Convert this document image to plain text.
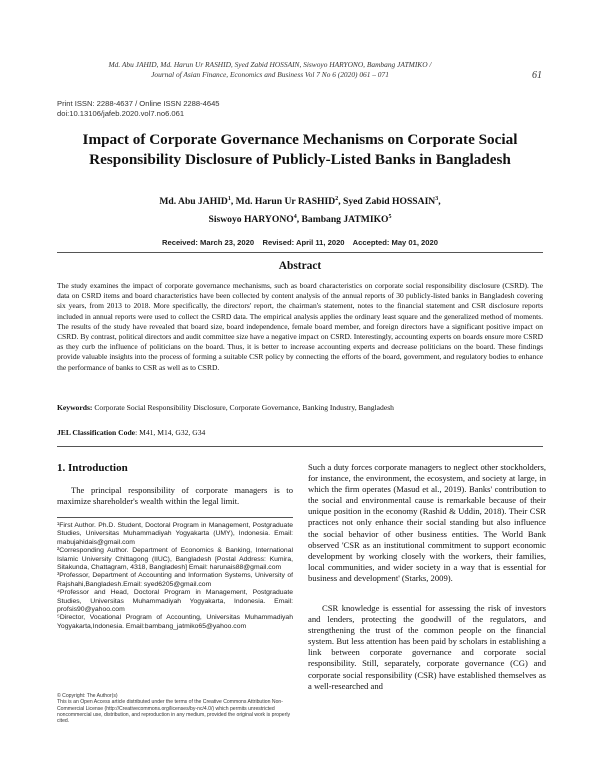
Md. Abu JAHID, Md. Harun Ur RASHID, Syed Zabid HOSSAIN, Siswoyo HARYONO, Bambang JATMIKO /
Journal of Asian Finance, Economics and Business Vol 7 No 6 (2020) 061 – 071	61
Print ISSN: 2288-4637 / Online ISSN 2288-4645
doi:10.13106/jafeb.2020.vol7.no6.061
Impact of Corporate Governance Mechanisms on Corporate Social
Responsibility Disclosure of Publicly-Listed Banks in Bangladesh
Md. Abu JAHID$^1$, Md. Harun Ur RASHID$^2$, Syed Zabid HOSSAIN$^3$,
Siswoyo HARYONO$^4$, Bambang JATMIKO$^5$
Received: March 23, 2020    Revised: April 11, 2020    Accepted: May 01, 2020
Abstract
The study examines the impact of corporate governance mechanisms, such as board characteristics on corporate social responsibility disclosure (CSRD). The data on CSRD items and board characteristics have been collected by content analysis of the annual reports of 30 publicly-listed banks in Bangladesh covering six years, from 2013 to 2018. More specifically, the directors' report, the chairman's statement, notes to the financial statement and CSR disclosure reports included in annual reports were used to collect the CSRD data. The empirical analysis applies the ordinary least square and the generalized method of moments. The results of the study have revealed that board size, board independence, female board member, and foreign directors have a significant positive impact on CSRD. By contrast, political directors and audit committee size have a negative impact on CSRD. Interestingly, accounting experts on boards ensure more CSRD as they curb the influence of politicians on the board. Thus, it is better to increase accounting experts and decrease politicians on the board. These findings provide valuable insights into the process of forming a suitable CSR policy by connecting the efforts of the board, government, and regulatory bodies to enhance the performance of banks to CSR as well as to CSRD.
Keywords: Corporate Social Responsibility Disclosure, Corporate Governance, Banking Industry, Bangladesh
JEL Classification Code: M41, M14, G32, G34
1. Introduction
The principal responsibility of corporate managers is to maximize shareholder's wealth within the legal limit.
¹First Author. Ph.D. Student, Doctoral Program in Management, Postgraduate Studies, Universitas Muhammadiyah Yogyakarta (UMY), Indonesia. Email: mabujahidais@gmail.com
²Corresponding Author. Department of Economics & Banking, International Islamic University Chittagong (IIUC), Bangladesh [Postal Address: Kumira, Sitakunda, Chattagram, 4318, Bangladesh] Email: harunais88@gmail.com
³Professor, Department of Accounting and Information Systems, University of Rajshahi,Bangladesh.Email: syed6205@gmail.com
⁴Professor and Head, Doctoral Program in Management, Postgraduate Studies, Universitas Muhammadiyah Yogyakarta, Indonesia. Email: profsis90@yahoo.com
⁵Director, Vocational Program of Accounting, Universitas Muhammadiyah Yogyakarta,Indonesia. Email:bambang_jatmiko65@yahoo.com
© Copyright: The Author(s)
This is an Open Access article distributed under the terms of the Creative Commons Attribution Non-Commercial License (http://Creativecommons.org/licenses/by-nc/4.0/) which permits unrestricted noncommercial use, distribution, and reproduction in any medium, provided the original work is properly cited.
Such a duty forces corporate managers to neglect other stockholders, for instance, the environment, the ecosystem, and society at large, in which the firm operates (Masud et al., 2019). Banks' contribution to the social and environmental cause is remarkable because of their unique position in the economy (Rashid & Uddin, 2018). Their CSR practices not only enhance their social standing but also influence the social behavior of other business entities. The World Bank observed 'CSR as an institutional commitment to support economic development by working closely with the workers, their families, local communities, and wider society in a way that is essential for business and development' (Starks, 2009).
CSR knowledge is essential for assessing the risk of investors and lenders, protecting the goodwill of the regulators, and strengthening the trust of the common people on the financial system. But less attention has been paid by scholars in establishing a link between corporate governance and corporate social responsibility. Still, separately, corporate governance (CG) and corporate social responsibility (CSR) have established themselves as a well-researched and
